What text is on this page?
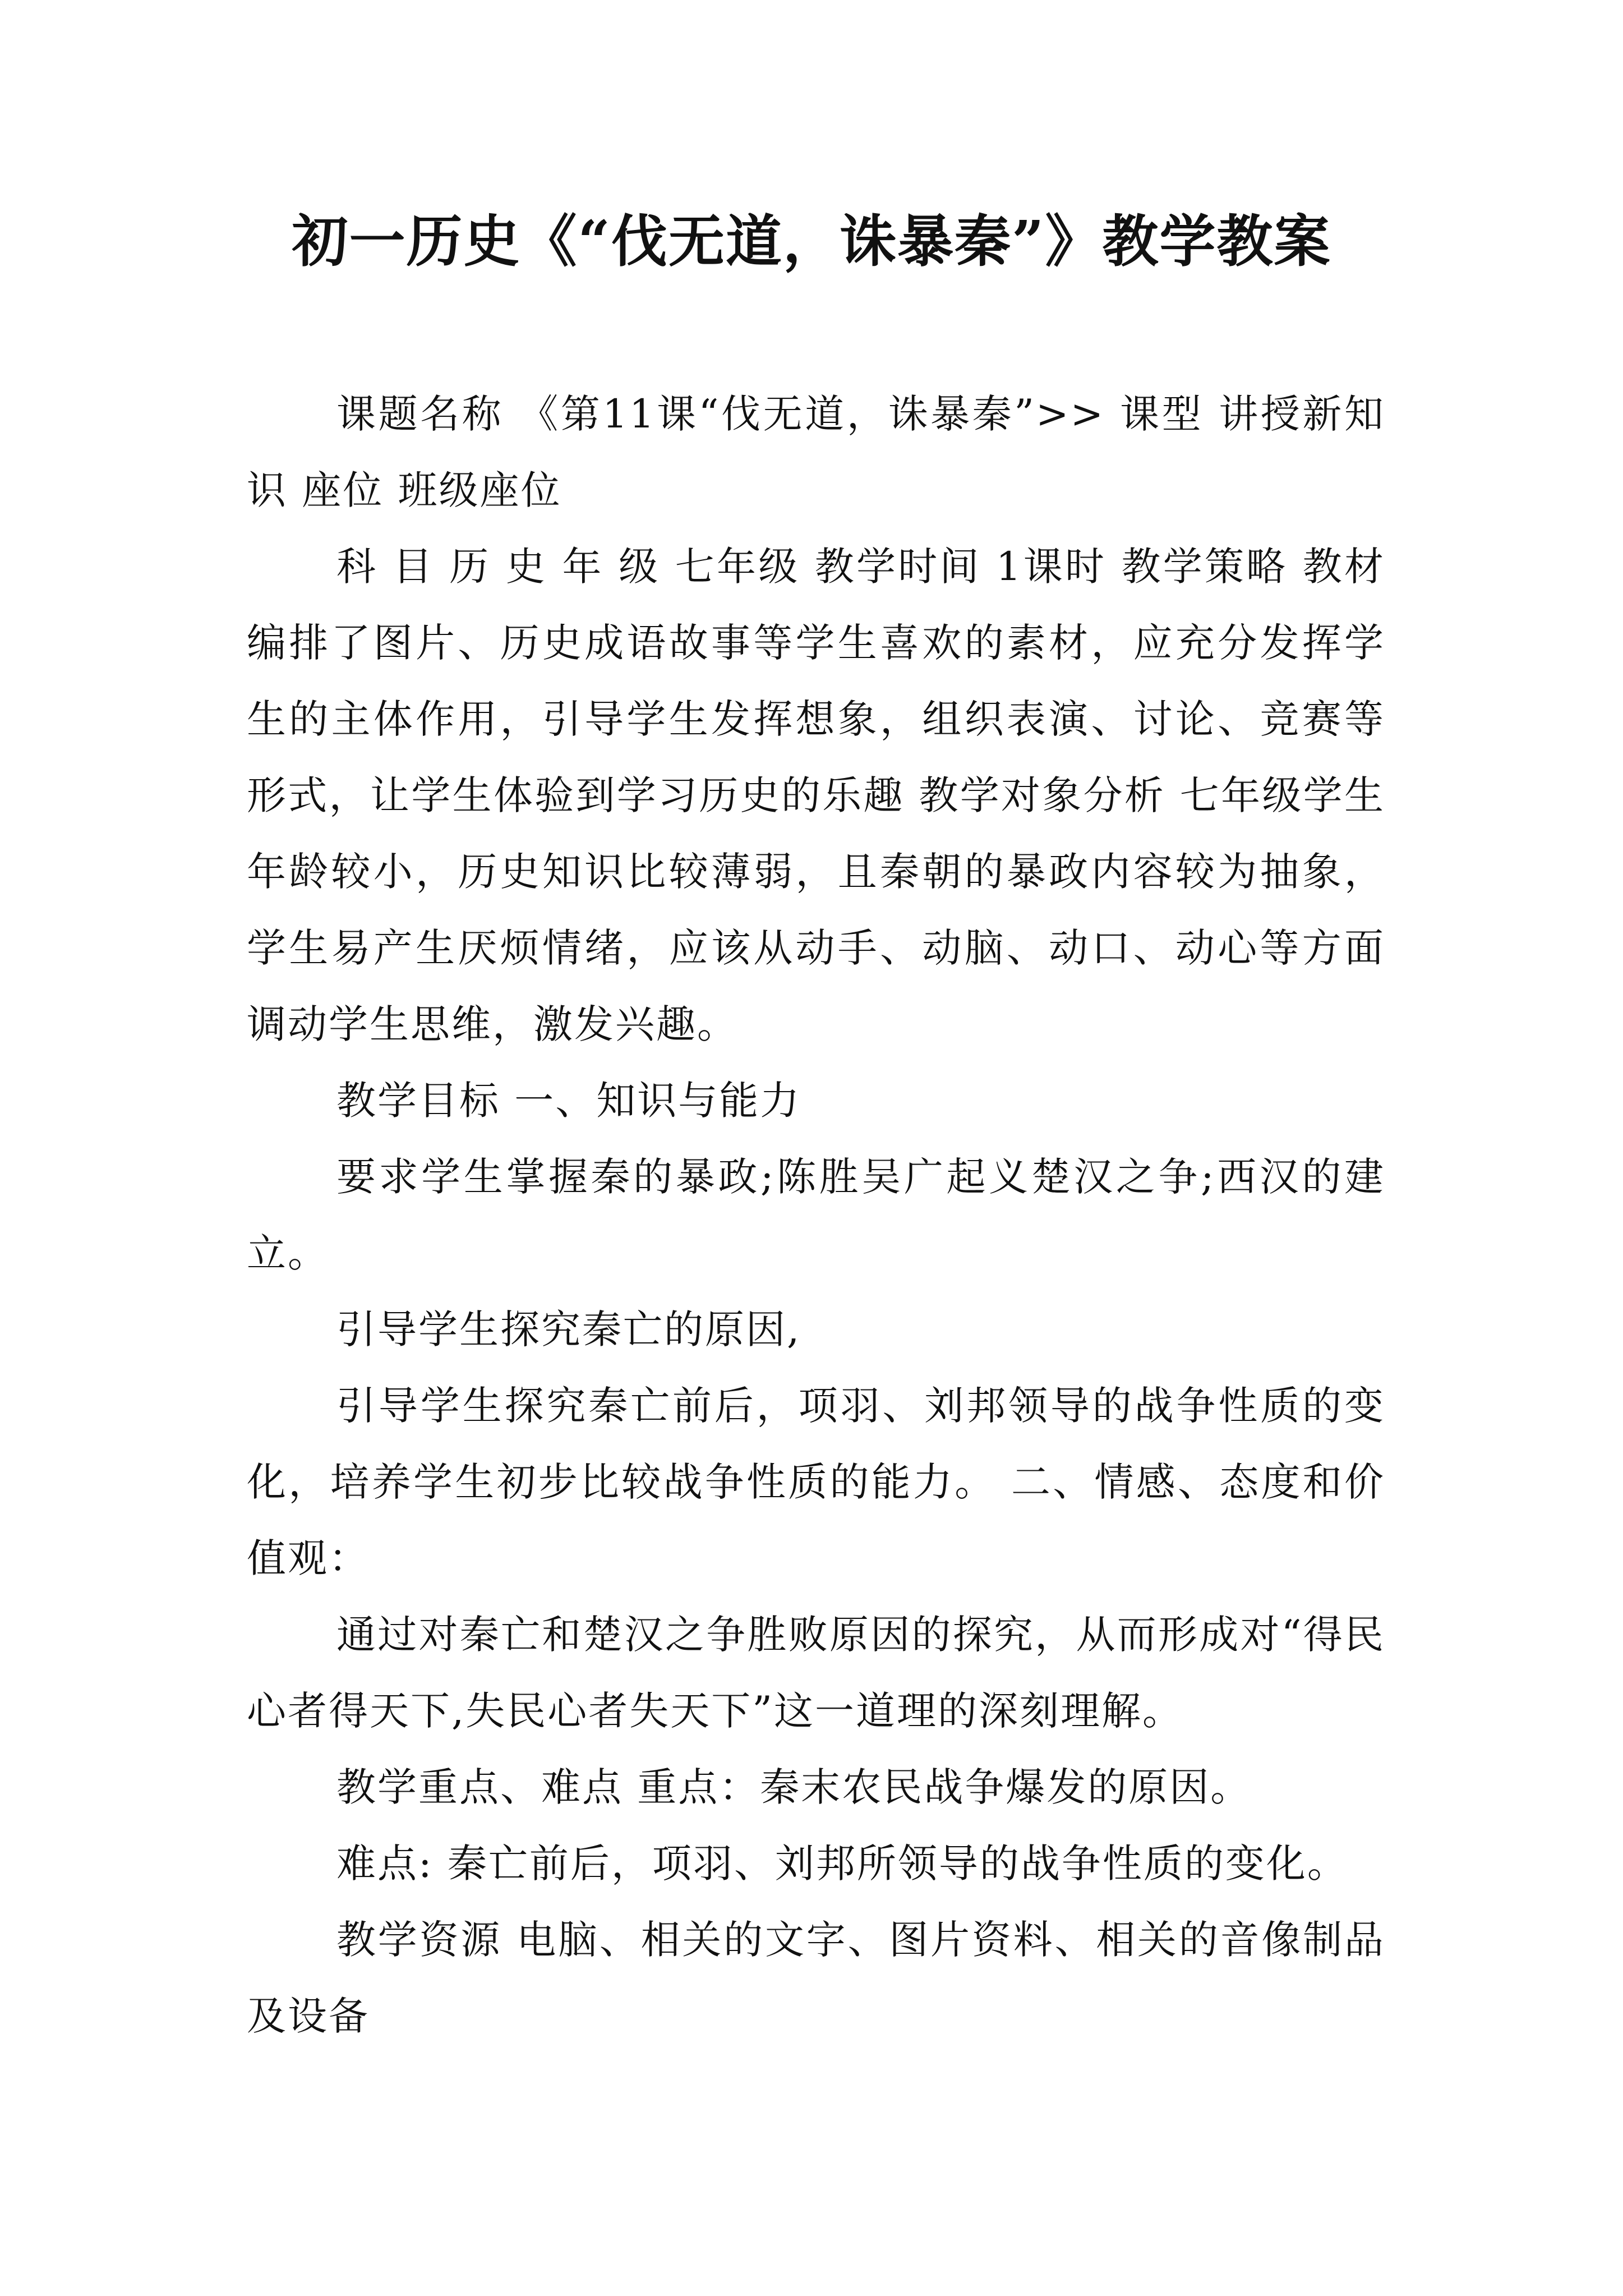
初一历史《“伐无道，诛暴秦”》教学教案

课题名称 《第11课“伐无道，诛暴秦”>> 课型 讲授新知识 座位 班级座位

科 目 历 史 年 级 七年级 教学时间 1课时 教学策略 教材编排了图片、历史成语故事等学生喜欢的素材，应充分发挥学生的主体作用，引导学生发挥想象，组织表演、讨论、竞赛等形式，让学生体验到学习历史的乐趣 教学对象分析 七年级学生年龄较小，历史知识比较薄弱，且秦朝的暴政内容较为抽象，学生易产生厌烦情绪，应该从动手、动脑、动口、动心等方面调动学生思维，激发兴趣。

教学目标 一、知识与能力

要求学生掌握秦的暴政;陈胜吴广起义楚汉之争;西汉的建立。

引导学生探究秦亡的原因,

引导学生探究秦亡前后，项羽、刘邦领导的战争性质的变化，培养学生初步比较战争性质的能力。 二、情感、态度和价值观：

通过对秦亡和楚汉之争胜败原因的探究，从而形成对“得民心者得天下,失民心者失天下”这一道理的深刻理解。

教学重点、难点 重点：秦末农民战争爆发的原因。

难点: 秦亡前后，项羽、刘邦所领导的战争性质的变化。

教学资源 电脑、相关的文字、图片资料、相关的音像制品及设备
